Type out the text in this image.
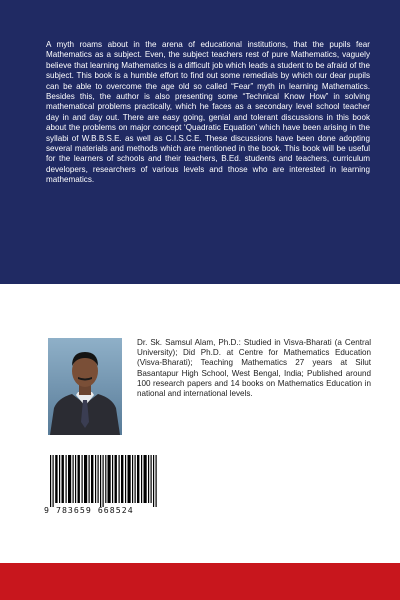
A myth roams about in the arena of educational institutions, that the pupils fear Mathematics as a subject. Even, the subject teachers rest of pure Mathematics, vaguely believe that learning Mathematics is a difficult job which leads a student to be afraid of the subject. This book is a humble effort to find out some remedials by which our dear pupils can be able to overcome the age old so called “Fear” myth in learning Mathematics. Besides this, the author is also presenting some “Technical Know How” in solving mathematical problems practically, which he faces as a secondary level school teacher day in and day out. There are easy going, genial and tolerant discussions in this book about the problems on major concept ‘Quadratic Equation’ which have been arising in the syllabi of W.B.B.S.E. as well as C.I.S.C.E. These discussions have been done adopting several materials and methods which are mentioned in the book. This book will be useful for the learners of schools and their teachers, B.Ed. students and teachers, curriculum developers, researchers of various levels and those who are interested in learning mathematics.

Dr. Sk. Samsul Alam, Ph.D.: Studied in Visva-Bharati (a Central University); Did Ph.D. at Centre for Mathematics Education (Visva-Bharati); Teaching Mathematics 27 years at Silut Basantapur High School, West Bengal, India; Published around 100 research papers and 14 books on Mathematics Education in national and international levels.

9 783659 668524
